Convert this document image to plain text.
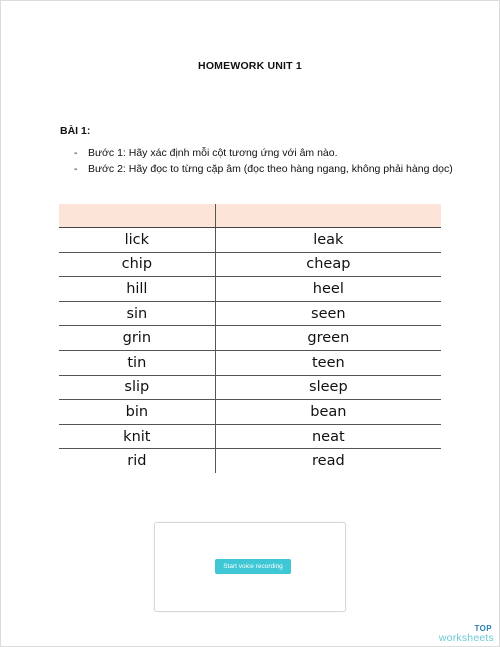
HOMEWORK UNIT 1
BÀI 1:
- Bước 1: Hãy xác định mỗi cột tương ứng với âm nào.
- Bước 2: Hãy đọc to từng cặp âm (đọc theo hàng ngang, không phải hàng dọc)

lick	leak
chip	cheap
hill	heel
sin	seen
grin	green
tin	teen
slip	sleep
bin	bean
knit	neat
rid	read
Start voice recording
TOP
worksheets
